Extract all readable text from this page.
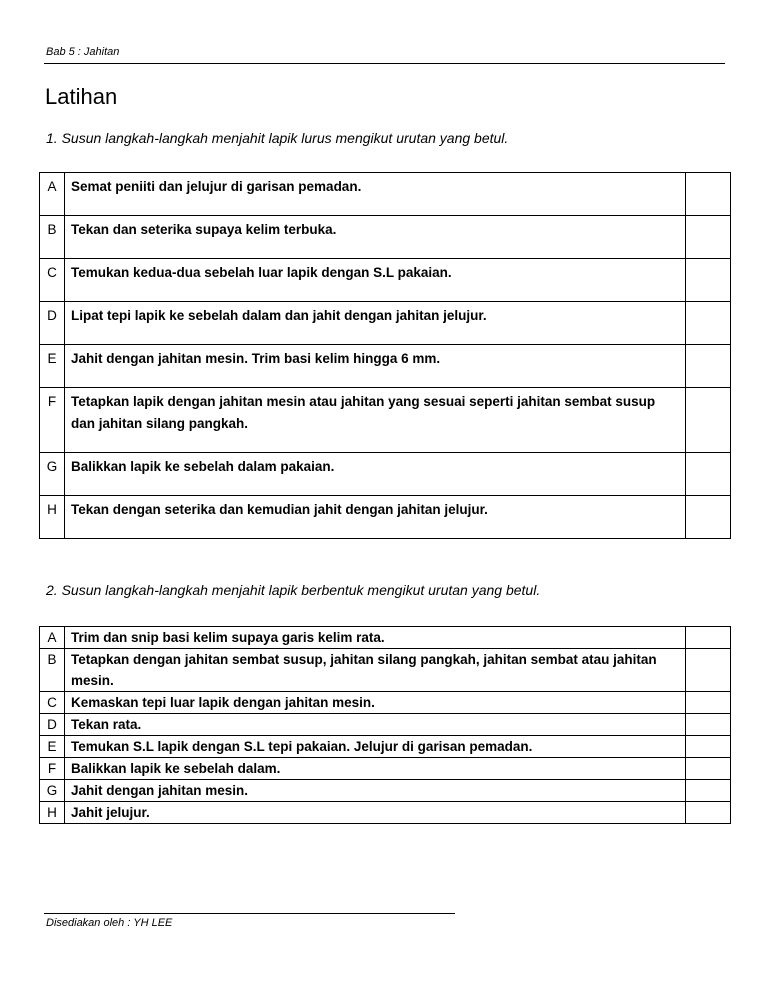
Bab 5 : Jahitan
Latihan
1. Susun langkah-langkah menjahit lapik lurus mengikut urutan yang betul.
A	Semat peniiti dan jelujur di garisan pemadan.	
B	Tekan dan seterika supaya kelim terbuka.	
C	Temukan kedua-dua sebelah luar lapik dengan S.L pakaian.	
D	Lipat tepi lapik ke sebelah dalam dan jahit dengan jahitan jelujur.	
E	Jahit dengan jahitan mesin. Trim basi kelim hingga 6 mm.	
F	Tetapkan lapik dengan jahitan mesin atau jahitan yang sesuai seperti jahitan sembat susup dan jahitan silang pangkah.	
G	Balikkan lapik ke sebelah dalam pakaian.	
H	Tekan dengan seterika dan kemudian jahit dengan jahitan jelujur.	
2. Susun langkah-langkah menjahit lapik berbentuk mengikut urutan yang betul.
A	Trim dan snip basi kelim supaya garis kelim rata.	
B	Tetapkan dengan jahitan sembat susup, jahitan silang pangkah, jahitan sembat atau jahitan mesin.	
C	Kemaskan tepi luar lapik dengan jahitan mesin.	
D	Tekan rata.	
E	Temukan S.L lapik dengan S.L tepi pakaian. Jelujur di garisan pemadan.	
F	Balikkan lapik ke sebelah dalam.	
G	Jahit dengan jahitan mesin.	
H	Jahit jelujur.	
Disediakan oleh : YH LEE
